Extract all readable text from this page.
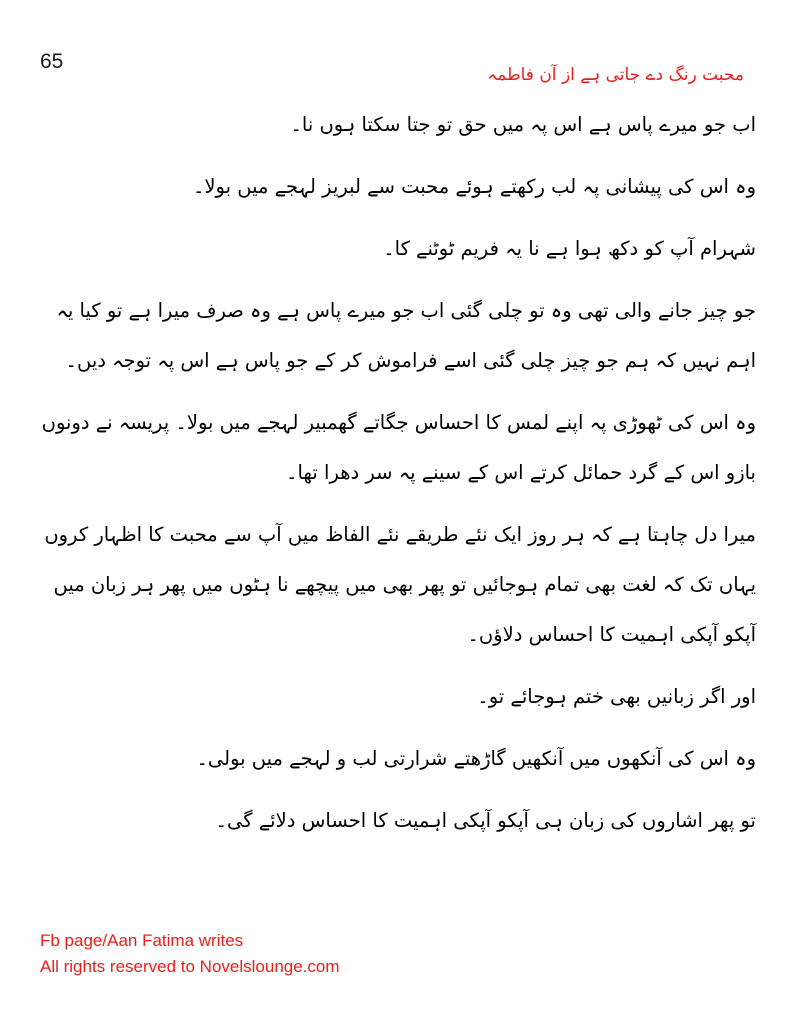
65
محبت رنگ دے جاتی ہے از آن فاطمہ

اب جو میرے پاس ہے اس پہ میں حق تو جتا سکتا ہوں نا۔

وہ اس کی پیشانی پہ لب رکھتے ہوئے محبت سے لبریز لہجے میں بولا۔

شہرام آپ کو دکھ ہوا ہے نا یہ فریم ٹوٹنے کا۔

جو چیز جانے والی تھی وہ تو چلی گئی اب جو میرے پاس ہے وہ صرف میرا ہے تو کیا یہ اہم نہیں کہ ہم جو چیز چلی گئی اسے فراموش کر کے جو پاس ہے اس پہ توجہ دیں۔

وہ اس کی ٹھوڑی پہ اپنے لمس کا احساس جگاتے گھمبیر لہجے میں بولا۔ پریسہ نے دونوں بازو اس کے گرد حمائل کرتے اس کے سینے پہ سر دھرا تھا۔

میرا دل چاہتا ہے کہ ہر روز ایک نئے طریقے نئے الفاظ میں آپ سے محبت کا اظہار کروں یہاں تک کہ لغت بھی تمام ہوجائیں تو پھر بھی میں پیچھے نا ہٹوں میں پھر ہر زبان میں آپکو آپکی اہمیت کا احساس دلاؤں۔

اور اگر زبانیں بھی ختم ہوجائے تو۔

وہ اس کی آنکھوں میں آنکھیں گاڑھتے شرارتی لب و لہجے میں بولی۔

تو پھر اشاروں کی زبان ہی آپکو آپکی اہمیت کا احساس دلائے گی۔

Fb page/Aan Fatima writes
All rights reserved to Novelslounge.com
